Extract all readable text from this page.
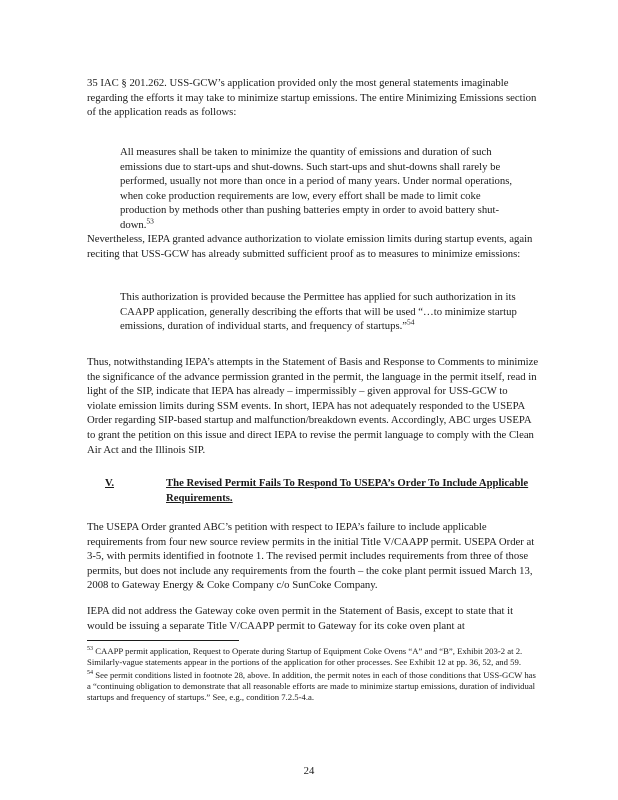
35 IAC § 201.262. USS-GCW’s application provided only the most general statements imaginable regarding the efforts it may take to minimize startup emissions. The entire Minimizing Emissions section of the application reads as follows:

All measures shall be taken to minimize the quantity of emissions and duration of such emissions due to start-ups and shut-downs. Such start-ups and shut-downs shall rarely be performed, usually not more than once in a period of many years. Under normal operations, when coke production requirements are low, every effort shall be made to limit coke production by methods other than pushing batteries empty in order to avoid battery shut-down.$^{53}$

Nevertheless, IEPA granted advance authorization to violate emission limits during startup events, again reciting that USS-GCW has already submitted sufficient proof as to measures to minimize emissions:

This authorization is provided because the Permittee has applied for such authorization in its CAAPP application, generally describing the efforts that will be used “…to minimize startup emissions, duration of individual starts, and frequency of startups.”$^{54}$

Thus, notwithstanding IEPA’s attempts in the Statement of Basis and Response to Comments to minimize the significance of the advance permission granted in the permit, the language in the permit itself, read in light of the SIP, indicate that IEPA has already – impermissibly – given approval for USS-GCW to violate emission limits during SSM events. In short, IEPA has not adequately responded to the USEPA Order regarding SIP-based startup and malfunction/breakdown events. Accordingly, ABC urges USEPA to grant the petition on this issue and direct IEPA to revise the permit language to comply with the Clean Air Act and the Illinois SIP.

V.	The Revised Permit Fails To Respond To USEPA’s Order To Include Applicable Requirements.

The USEPA Order granted ABC’s petition with respect to IEPA’s failure to include applicable requirements from four new source review permits in the initial Title V/CAAPP permit. USEPA Order at 3-5, with permits identified in footnote 1. The revised permit includes requirements from three of those permits, but does not include any requirements from the fourth – the coke plant permit issued March 13, 2008 to Gateway Energy & Coke Company c/o SunCoke Company.

IEPA did not address the Gateway coke oven permit in the Statement of Basis, except to state that it would be issuing a separate Title V/CAAPP permit to Gateway for its coke oven plant at

$^{53}$ CAAPP permit application, Request to Operate during Startup of Equipment Coke Ovens “A” and “B”, Exhibit 203-2 at 2. Similarly-vague statements appear in the portions of the application for other processes. See Exhibit 12 at pp. 36, 52, and 59.

$^{54}$ See permit conditions listed in footnote 28, above. In addition, the permit notes in each of those conditions that USS-GCW has a “continuing obligation to demonstrate that all reasonable efforts are made to minimize startup emissions, duration of individual startups and frequency of startups.” See, e.g., condition 7.2.5-4.a.

24
